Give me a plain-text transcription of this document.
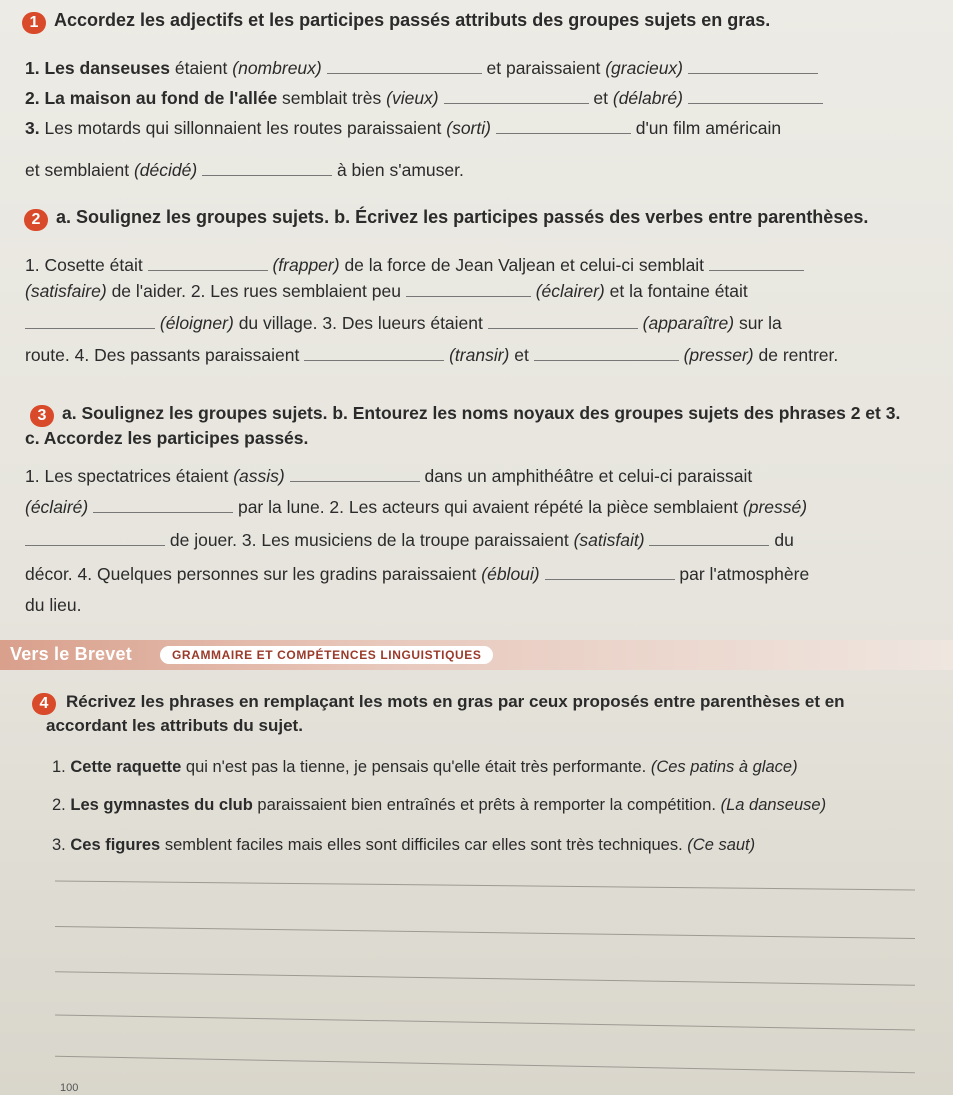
1 Accordez les adjectifs et les participes passés attributs des groupes sujets en gras.
1. Les danseuses étaient (nombreux)	et paraissaient (gracieux)
2. La maison au fond de l'allée semblait très (vieux)	et (délabré)
3. Les motards qui sillonnaient les routes paraissaient (sorti)	d'un film américain
et semblaient (décidé)	à bien s'amuser.
2 a. Soulignez les groupes sujets. b. Écrivez les participes passés des verbes entre parenthèses.
1. Cosette était	(frapper) de la force de Jean Valjean et celui-ci semblait
(satisfaire) de l'aider. 2. Les rues semblaient peu	(éclairer) et la fontaine était
(éloigner) du village. 3. Des lueurs étaient	(apparaître) sur la
route. 4. Des passants paraissaient	(transir) et	(presser) de rentrer.
3 a. Soulignez les groupes sujets. b. Entourez les noms noyaux des groupes sujets des phrases 2 et 3.
c. Accordez les participes passés.
1. Les spectatrices étaient (assis)	dans un amphithéâtre et celui-ci paraissait
(éclairé)	par la lune. 2. Les acteurs qui avaient répété la pièce semblaient (pressé)
de jouer. 3. Les musiciens de la troupe paraissaient (satisfait)	du
décor. 4. Quelques personnes sur les gradins paraissaient (ébloui)	par l'atmosphère
du lieu.
Vers le Brevet	GRAMMAIRE ET COMPÉTENCES LINGUISTIQUES
4	Récrivez les phrases en remplaçant les mots en gras par ceux proposés entre parenthèses et en
accordant les attributs du sujet.
1. Cette raquette qui n'est pas la tienne, je pensais qu'elle était très performante. (Ces patins à glace)
2. Les gymnastes du club paraissaient bien entraînés et prêts à remporter la compétition. (La danseuse)
3. Ces figures semblent faciles mais elles sont difficiles car elles sont très techniques. (Ce saut)
100
